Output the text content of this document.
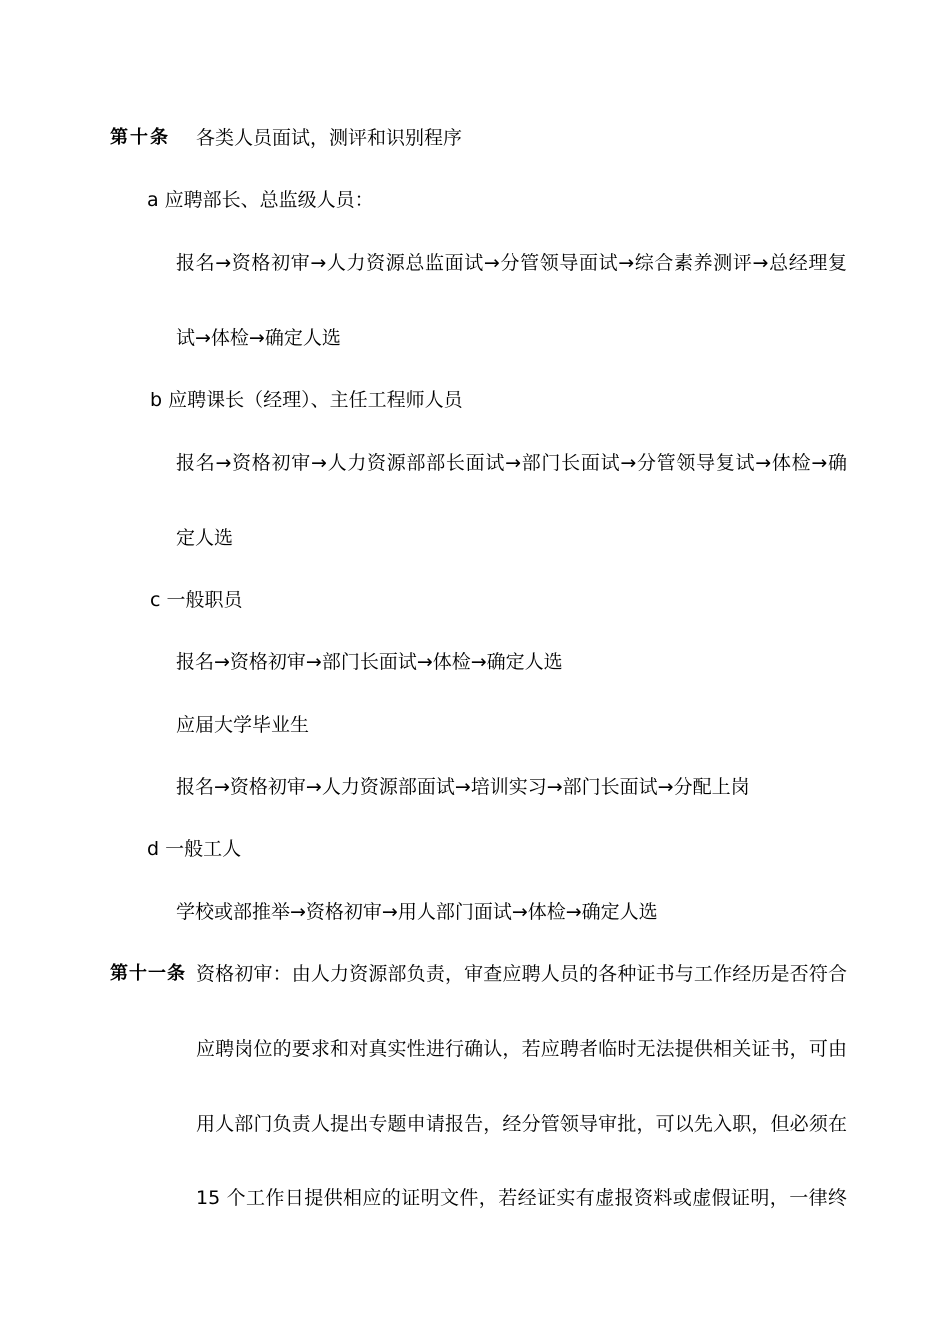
第十条 各类人员面试，测评和识别程序
a 应聘部长、总监级人员：
报名→资格初审→人力资源总监面试→分管领导面试→综合素养测评→总经理复
试→体检→确定人选
b 应聘课长（经理）、主任工程师人员
报名→资格初审→人力资源部部长面试→部门长面试→分管领导复试→体检→确
定人选
c 一般职员
报名→资格初审→部门长面试→体检→确定人选
应届大学毕业生
报名→资格初审→人力资源部面试→培训实习→部门长面试→分配上岗
d 一般工人
学校或部推举→资格初审→用人部门面试→体检→确定人选
第十一条 资格初审：由人力资源部负责，审查应聘人员的各种证书与工作经历是否符合
应聘岗位的要求和对真实性进行确认，若应聘者临时无法提供相关证书，可由
用人部门负责人提出专题申请报告，经分管领导审批，可以先入职，但必须在
15 个工作日提供相应的证明文件，若经证实有虚报资料或虚假证明，一律终
